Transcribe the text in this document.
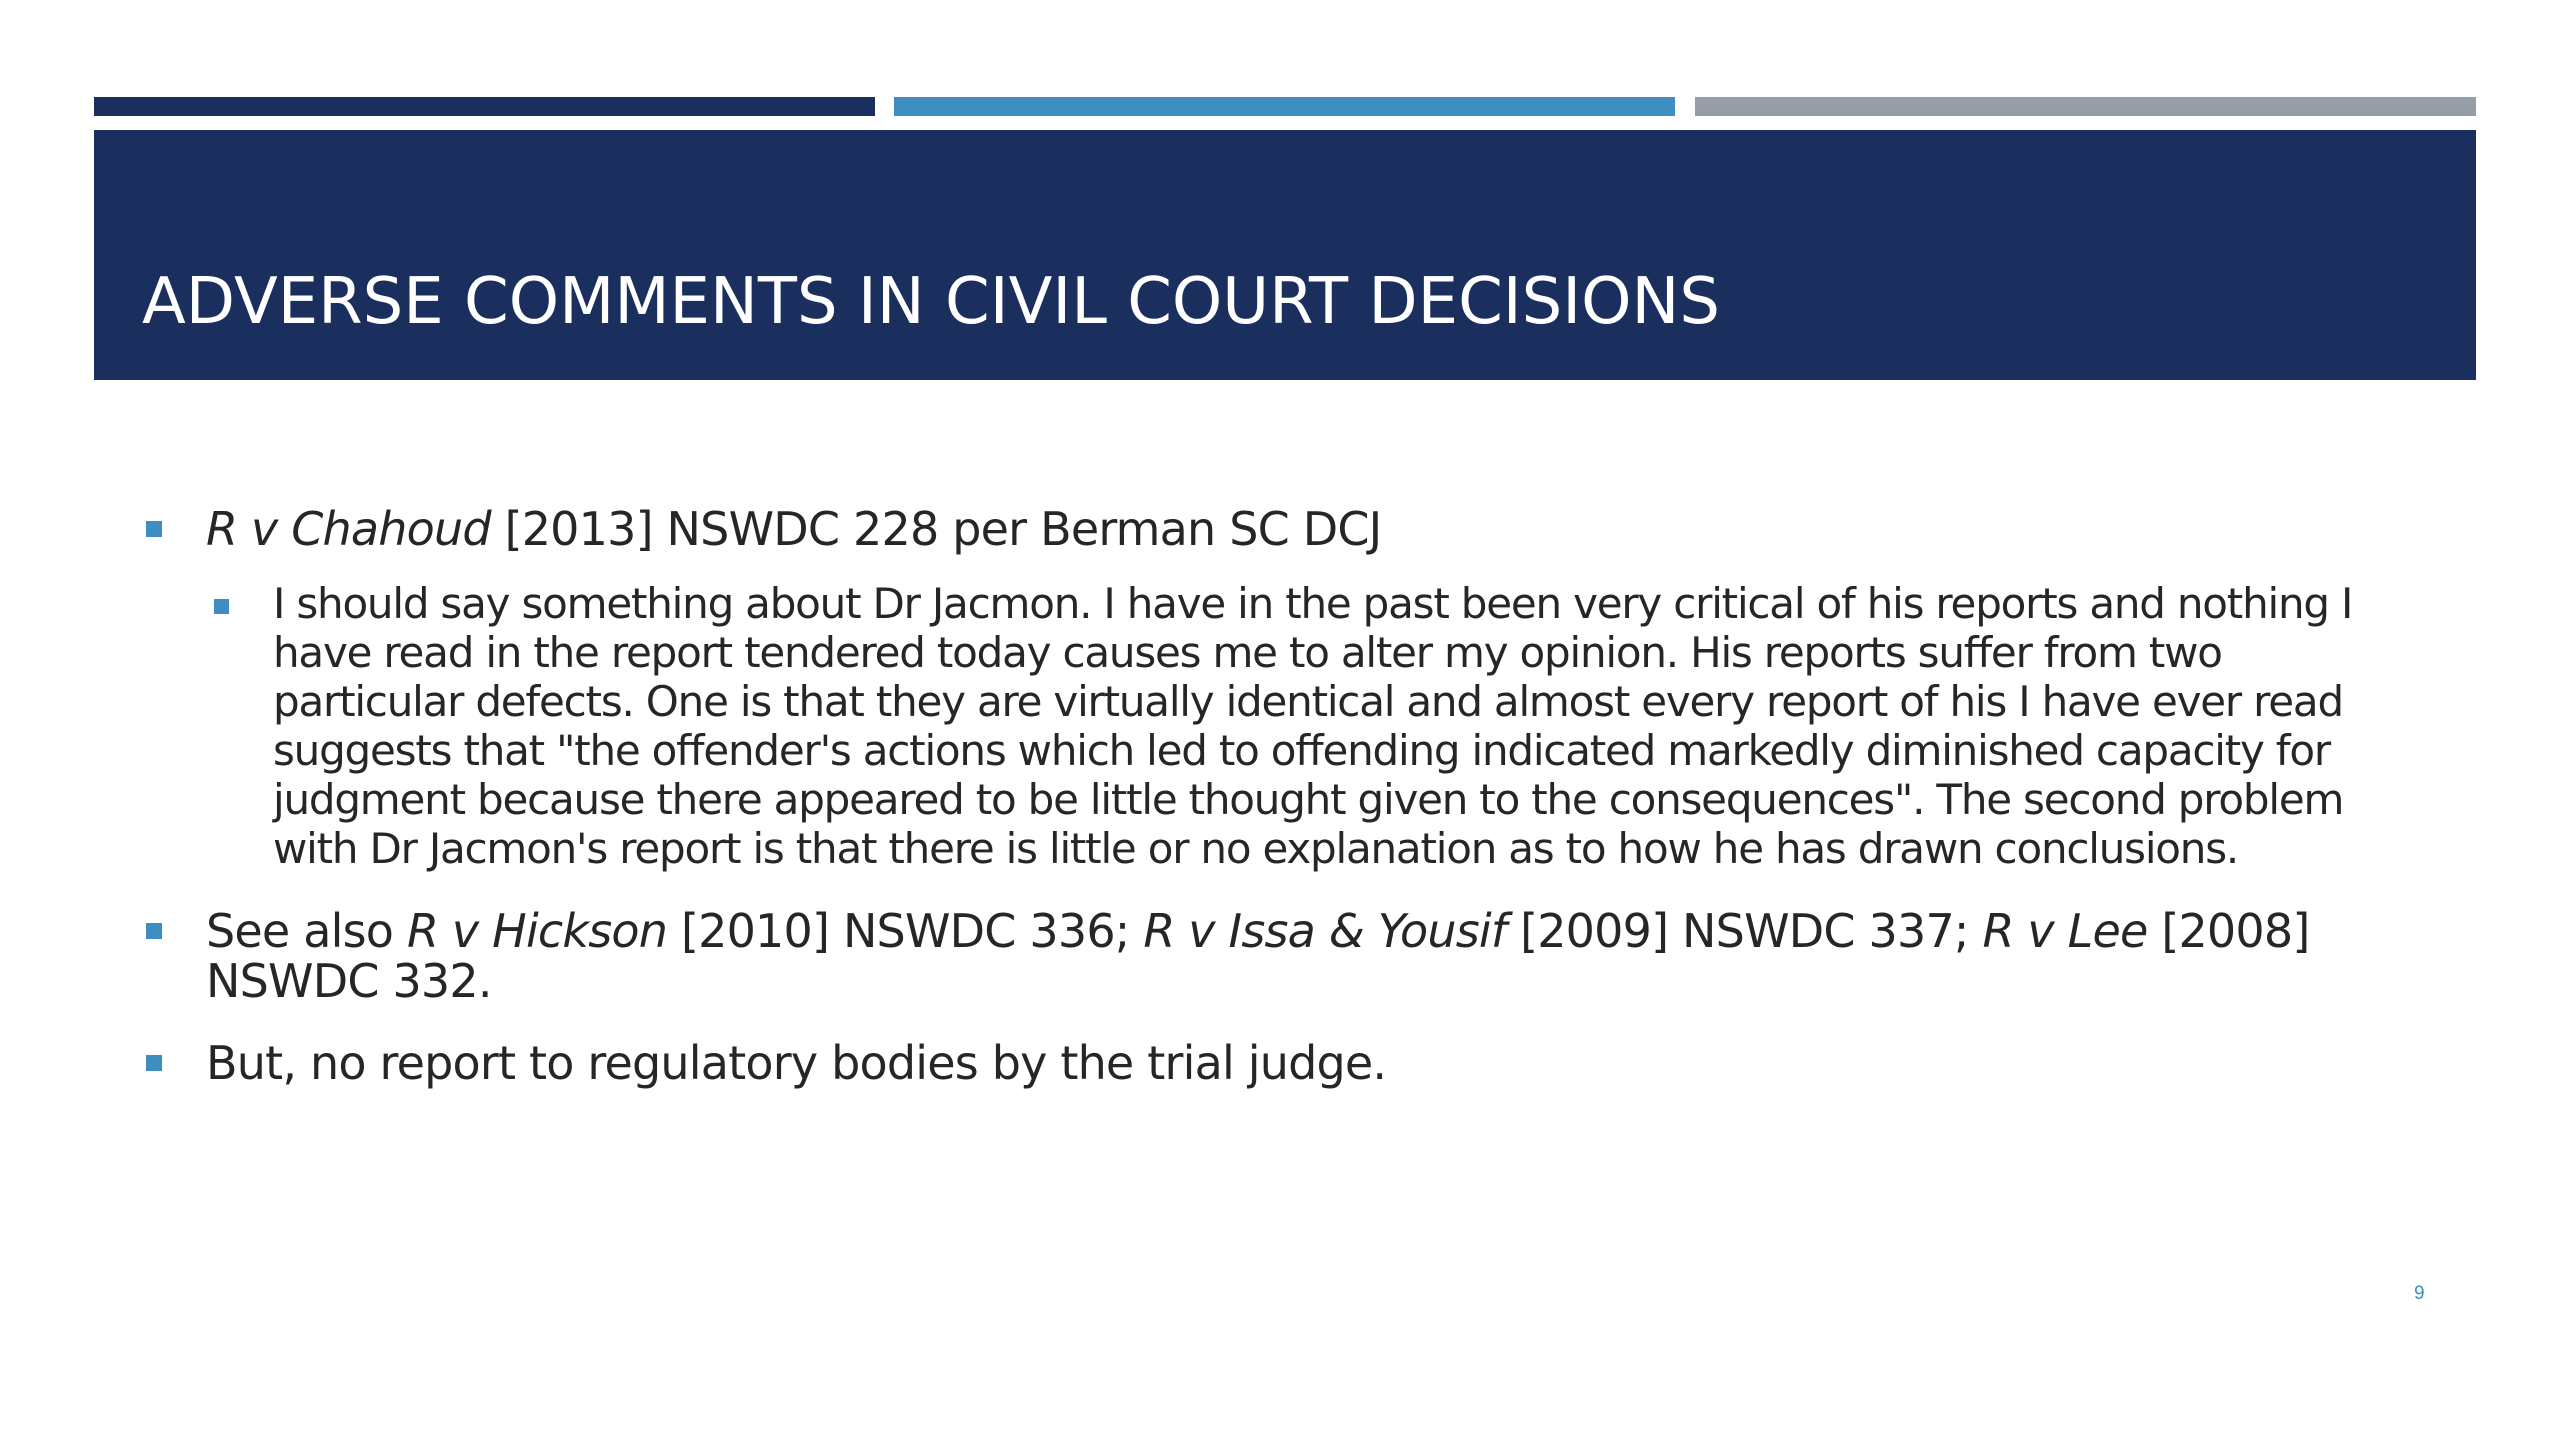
ADVERSE COMMENTS IN CIVIL COURT DECISIONS
R v Chahoud [2013] NSWDC 228 per Berman SC DCJ
I should say something about Dr Jacmon. I have in the past been very critical of his reports and nothing I
have read in the report tendered today causes me to alter my opinion. His reports suffer from two
particular defects. One is that they are virtually identical and almost every report of his I have ever read
suggests that "the offender's actions which led to offending indicated markedly diminished capacity for
judgment because there appeared to be little thought given to the consequences". The second problem
with Dr Jacmon's report is that there is little or no explanation as to how he has drawn conclusions.
See also R v Hickson [2010] NSWDC 336; R v Issa & Yousif [2009] NSWDC 337; R v Lee [2008]
NSWDC 332.
But, no report to regulatory bodies by the trial judge.
9
